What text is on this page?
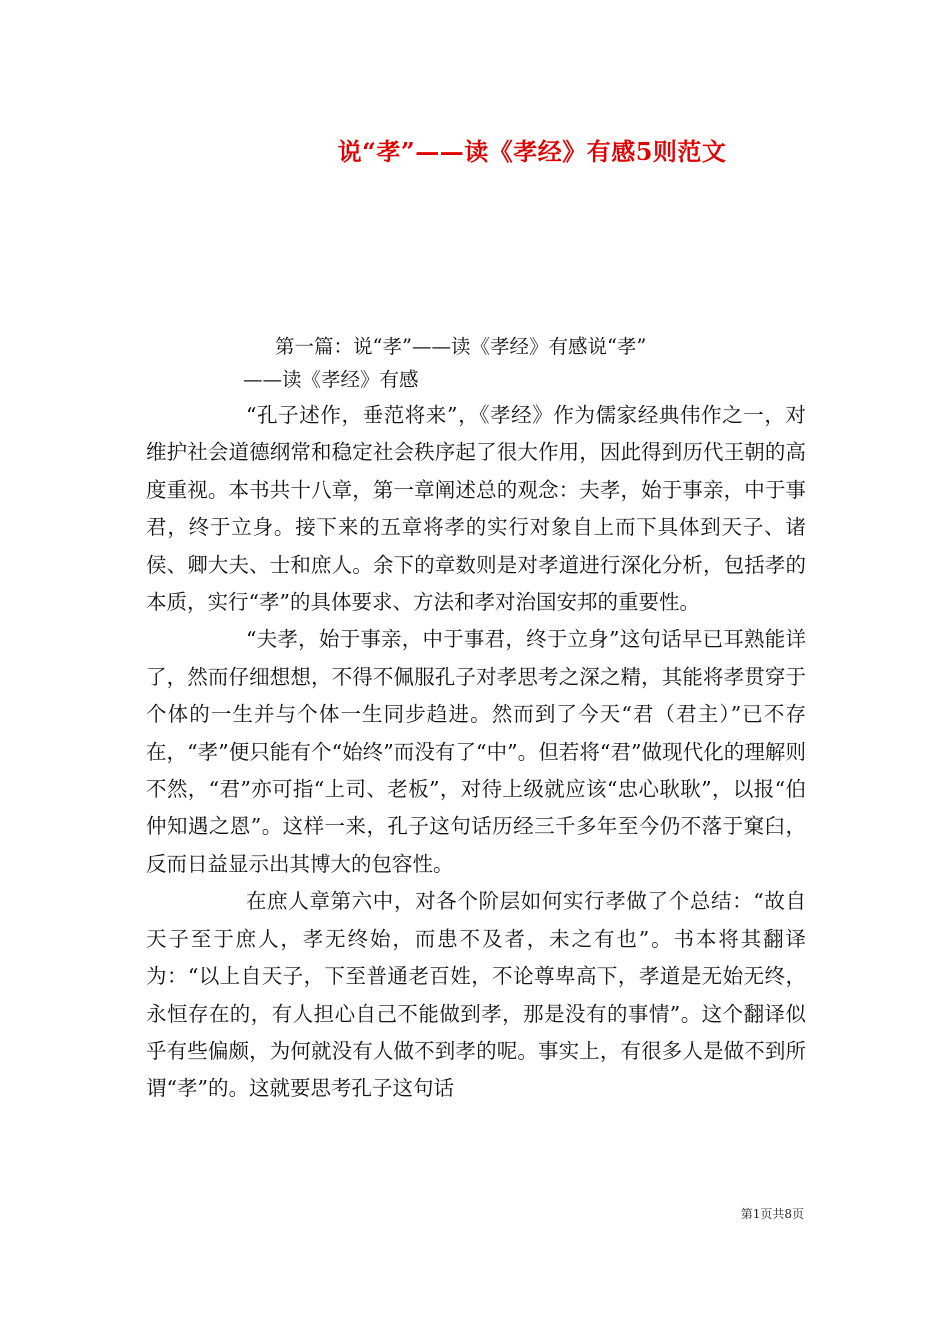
说“孝”——读《孝经》有感5则范文
第一篇：说“孝”——读《孝经》有感说“孝”
——读《孝经》有感

“孔子述作，垂范将来”，《孝经》作为儒家经典伟作之一，对维护社会道德纲常和稳定社会秩序起了很大作用，因此得到历代王朝的高度重视。本书共十八章，第一章阐述总的观念：夫孝，始于事亲，中于事君，终于立身。接下来的五章将孝的实行对象自上而下具体到天子、诸侯、卿大夫、士和庶人。余下的章数则是对孝道进行深化分析，包括孝的本质，实行“孝”的具体要求、方法和孝对治国安邦的重要性。

“夫孝，始于事亲，中于事君，终于立身”这句话早已耳熟能详了，然而仔细想想，不得不佩服孔子对孝思考之深之精，其能将孝贯穿于个体的一生并与个体一生同步趋进。然而到了今天“君（君主）”已不存在，“孝”便只能有个“始终”而没有了“中”。但若将“君”做现代化的理解则不然，“君”亦可指“上司、老板”，对待上级就应该“忠心耿耿”，以报“伯仲知遇之恩”。这样一来，孔子这句话历经三千多年至今仍不落于窠臼，反而日益显示出其博大的包容性。

在庶人章第六中，对各个阶层如何实行孝做了个总结：“故自天子至于庶人，孝无终始，而患不及者，未之有也”。书本将其翻译为：“以上自天子，下至普通老百姓，不论尊卑高下，孝道是无始无终，永恒存在的，有人担心自己不能做到孝，那是没有的事情”。这个翻译似乎有些偏颇，为何就没有人做不到孝的呢。事实上，有很多人是做不到所谓“孝”的。这就要思考孔子这句话

第1页共8页
